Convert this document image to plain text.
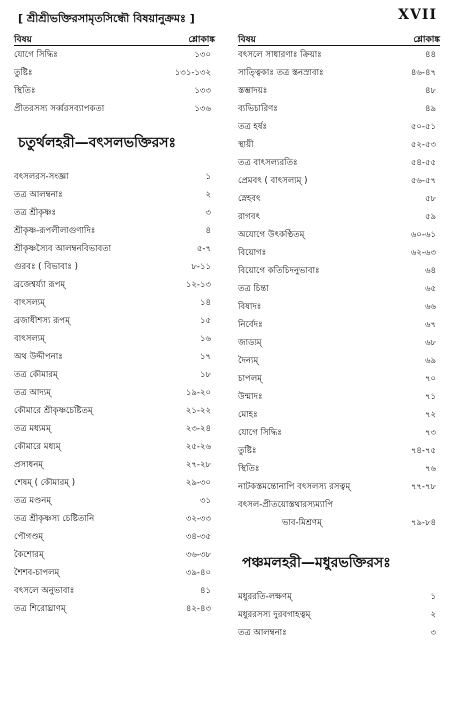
[ শ্রীশ্রীভক্তিরসামৃতসিন্ধৌ বিষয়ানুক্রমঃ ]	XVII
বিষয়	শ্লোকাঙ্ক
যোগে সিদ্ধিঃ	১৩০
তুষ্টিঃ	১৩১-১৩২
স্থিতিঃ	১৩৩
প্রীতরসস্য সর্ব্বরসব্যাপকতা	১৩৬
চতুর্থলহরী—বৎসলভক্তিরসঃ
বৎসলরস-সংজ্ঞা	১
তত্র আলম্বনাঃ	২
তত্র শ্রীকৃষ্ণঃ	৩
শ্রীকৃষ্ণ-রূপলীলাগুণাদিঃ	৪
শ্রীকৃষ্ণস্যৈব আলম্বনবিভাবতা	৫-৭
গুরবঃ ( বিভাবাঃ )	৮-১১
ব্রজেশ্বর্য্যা রূপম্	১২-১৩
বাৎসল্যম্	১৪
ব্রজাধীশস্য রূপম্	১৫
বাৎসল্যম্	১৬
অথ উদ্দীপনাঃ	১৭
তত্র কৌমারম্	১৮
তত্র আদ্যম্	১৯-২০
কৌমারে শ্রীকৃষ্ণচেষ্টিতম্	২১-২২
তত্র মধ্যমম্	২৩-২৪
কৌমারে মধ্যম্	২৫-২৬
প্রসাধনম্	২৭-২৮
শেষম্ ( কৌমারম্ )	২৯-৩০
তত্র মণ্ডনম্	৩১
তত্র শ্রীকৃষ্ণস্য চেষ্টিতানি	৩২-৩৩
পৌগণ্ডম্	৩৪-৩৫
কৈশোরম্	৩৬-৩৮
শৈশব-চাপলম্	৩৯-৪০
বৎসলে অনুভাবাঃ	৪১
তত্র শিরোঘ্রাণম্	৪২-৪৩
বিষয়	শ্লোকাঙ্ক
বৎসলে সাধারণাঃ ক্রিয়াঃ	৪৪
সাত্ত্বিকাঃ তত্র স্তনস্রাবাঃ	৪৬-৪৭
স্তম্ভাদয়ঃ	৪৮
ব্যভিচারিণঃ	৪৯
তত্র হর্ষঃ	৫০-৫১
স্থায়ী	৫২-৫৩
তত্র বাৎসল্যরতিঃ	৫৪-৫৫
প্রেমবৎ ( বাৎসল্যম্ )	৫৬-৫৭
স্নেহবৎ	৫৮
রাগবৎ	৫৯
অযোগে উৎকণ্ঠিতম্	৬০-৬১
বিয়োগঃ	৬২-৬৩
বিয়োগে কতিচিদনুভাবাঃ	৬৪
তত্র চিন্তা	৬৫
বিষাদঃ	৬৬
নির্বেদঃ	৬৭
জাড্যম্	৬৮
দৈন্যম্	৬৯
চাপলম্	৭০
উন্মাদঃ	৭১
মোহঃ	৭২
যোগে সিদ্ধিঃ	৭৩
তুষ্টিঃ	৭৪-৭৫
স্থিতিঃ	৭৬
নাটকস্তমন্তোনাপি বৎসলস্য রসত্বম্	৭৭-৭৮
বৎসল-প্রীতয়োস্তথারস্যম্যাপি
ভাব-মিশ্রণম্	৭৯-৮৪
পঞ্চমলহরী—মধুরভক্তিরসঃ
মধুররতি-লক্ষণম্	১
মধুররসস্য দুরবগাহত্বম্	২
তত্র আলম্বনাঃ	৩
